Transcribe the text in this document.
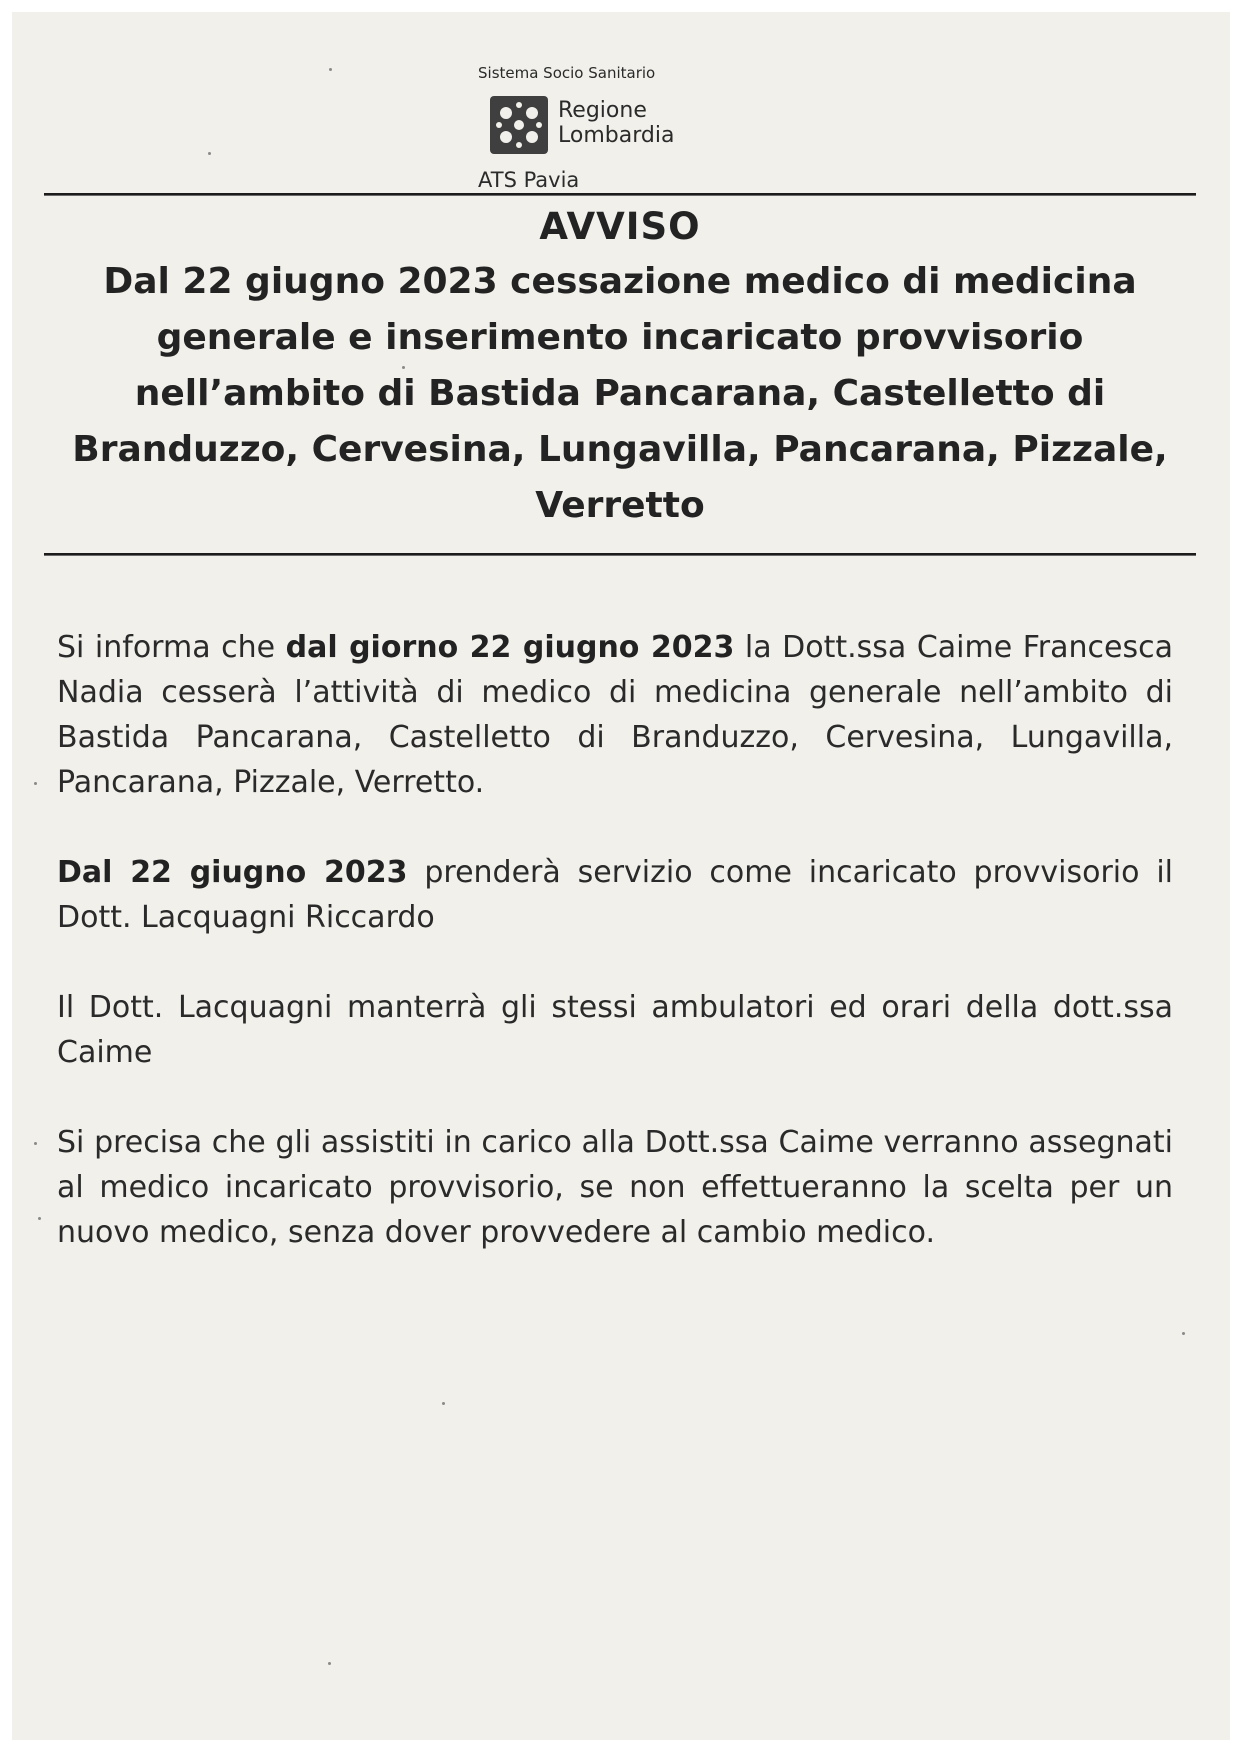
Sistema Socio Sanitario
Regione
Lombardia
ATS Pavia
AVVISO
Dal 22 giugno 2023 cessazione medico di medicina generale e inserimento incaricato provvisorio nell’ambito di Bastida Pancarana, Castelletto di Branduzzo, Cervesina, Lungavilla, Pancarana, Pizzale, Verretto

Si informa che dal giorno 22 giugno 2023 la Dott.ssa Caime Francesca Nadia cesserà l’attività di medico di medicina generale nell’ambito di Bastida Pancarana, Castelletto di Branduzzo, Cervesina, Lungavilla, Pancarana, Pizzale, Verretto.

Dal 22 giugno 2023 prenderà servizio come incaricato provvisorio il Dott. Lacquagni Riccardo

Il Dott. Lacquagni manterrà gli stessi ambulatori ed orari della dott.ssa Caime

Si precisa che gli assistiti in carico alla Dott.ssa Caime verranno assegnati al medico incaricato provvisorio, se non effettueranno la scelta per un nuovo medico, senza dover provvedere al cambio medico.
